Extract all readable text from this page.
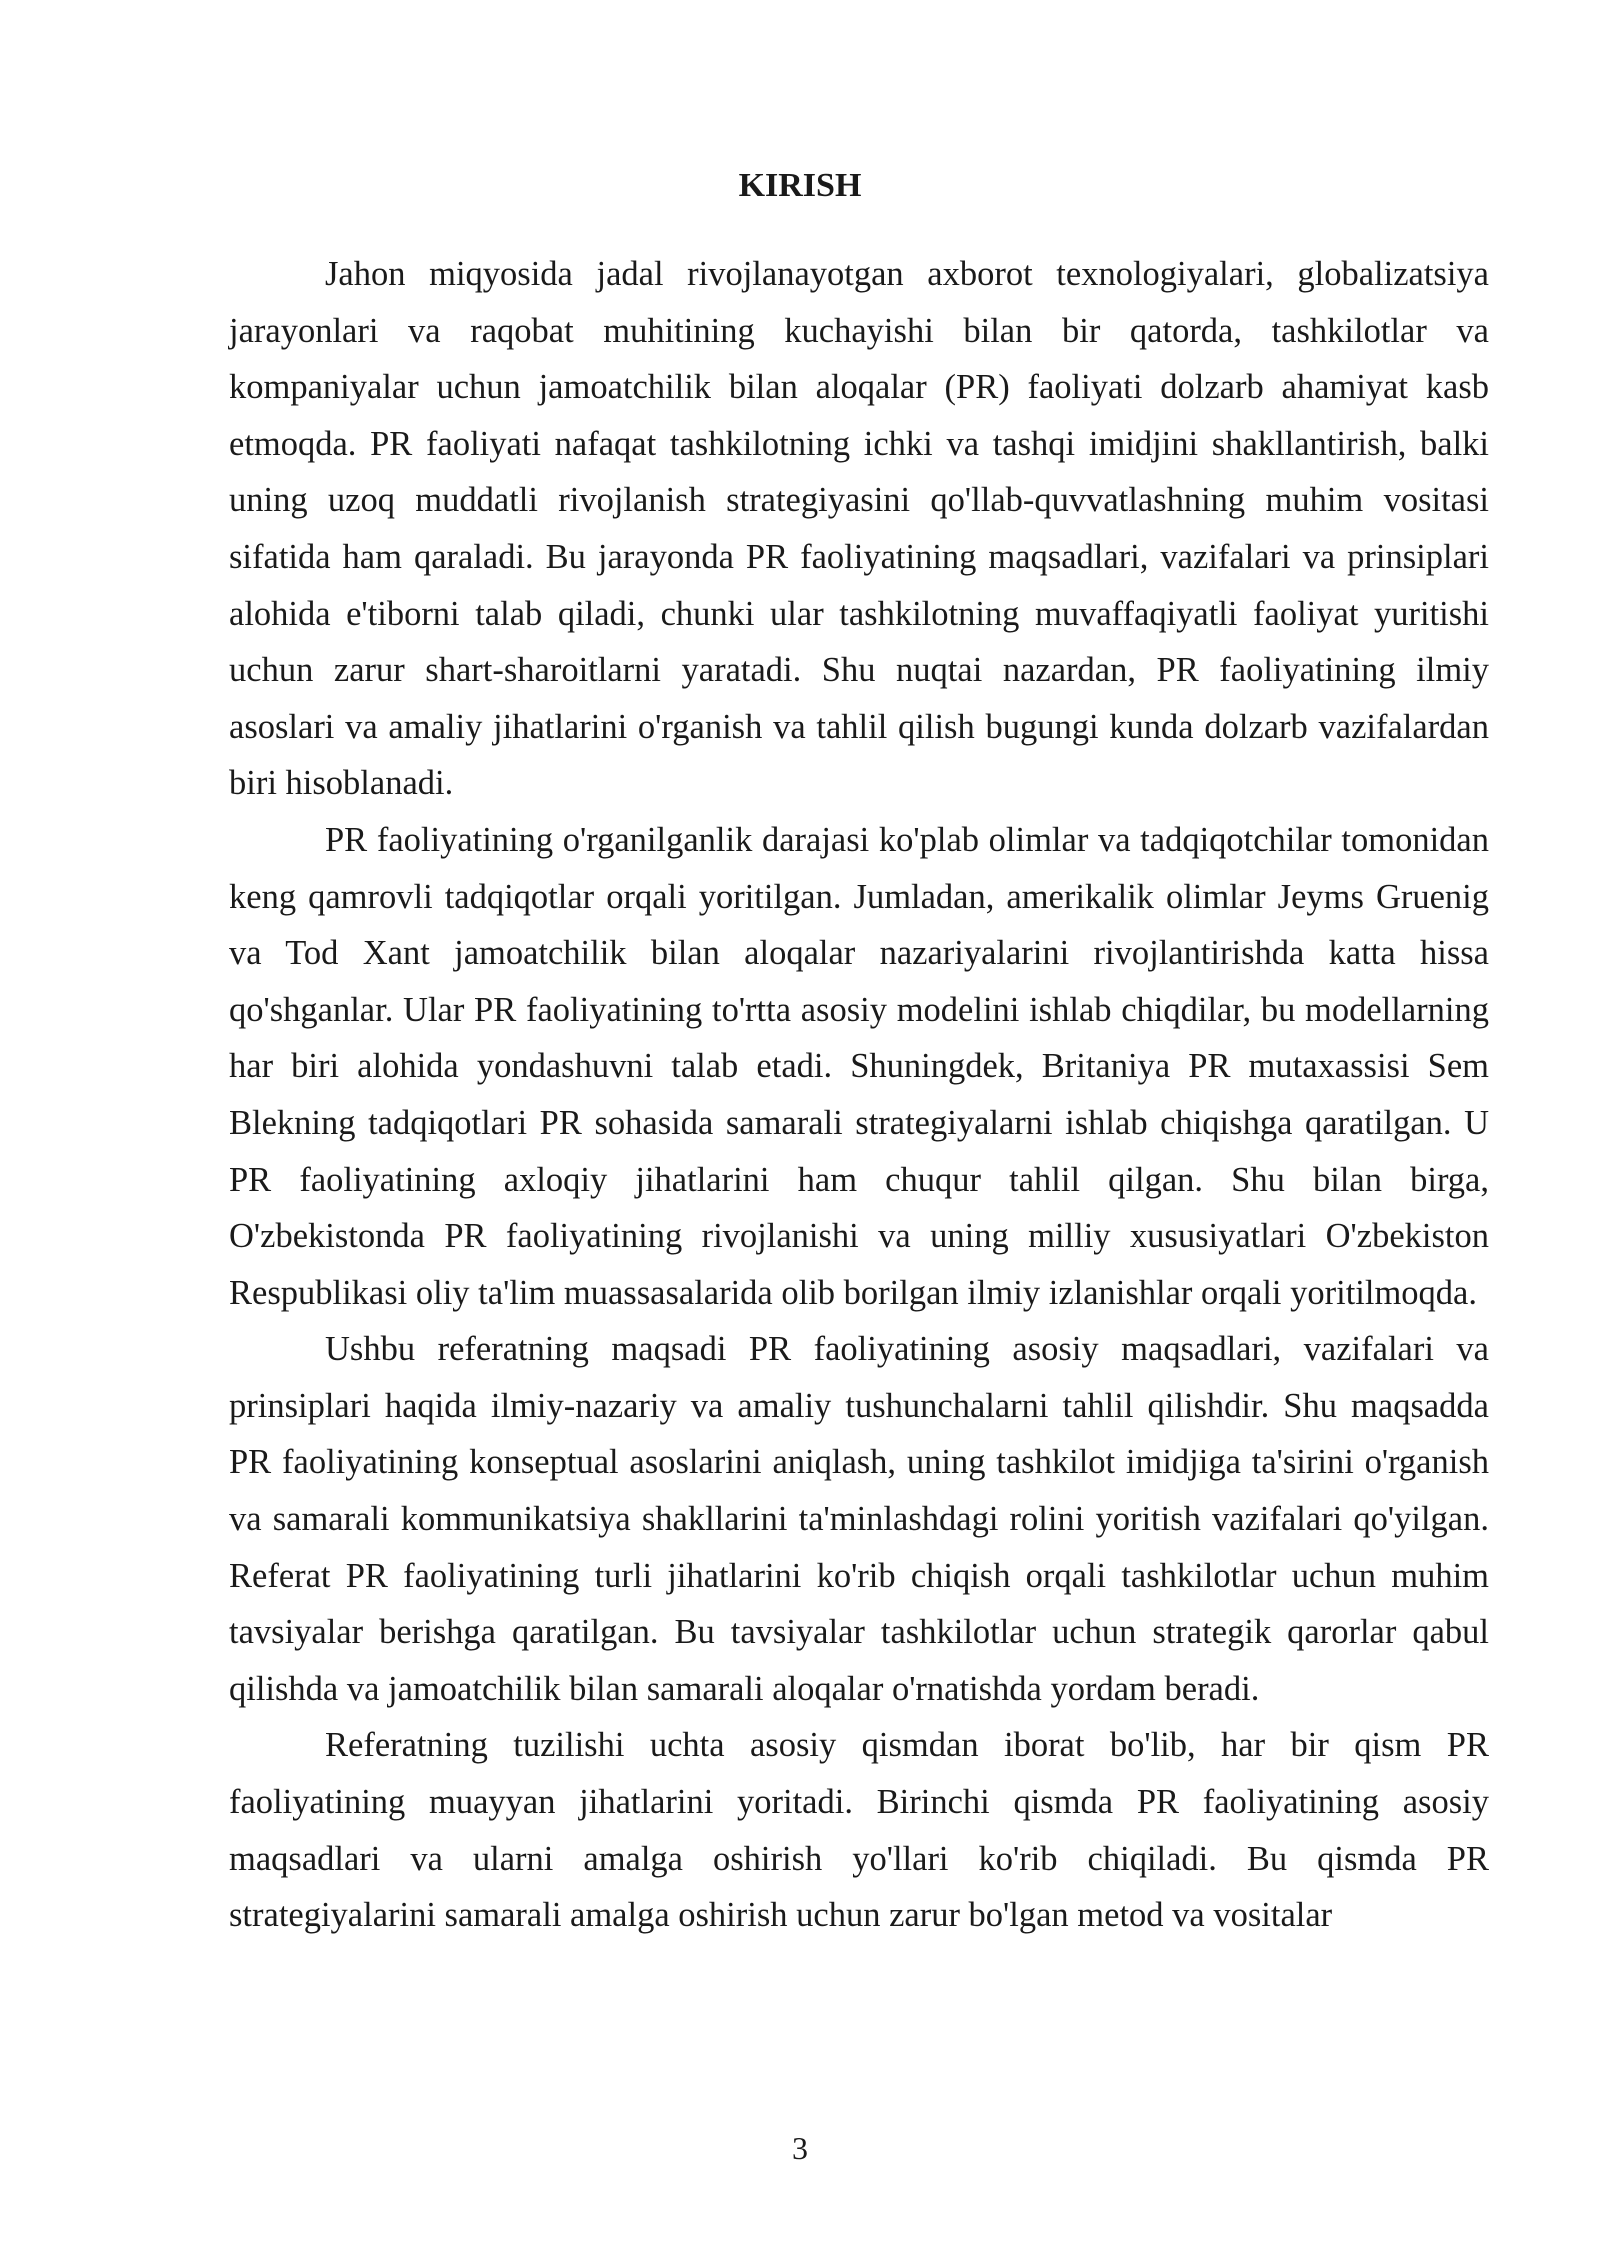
KIRISH

Jahon miqyosida jadal rivojlanayotgan axborot texnologiyalari, globalizatsiya jarayonlari va raqobat muhitining kuchayishi bilan bir qatorda, tashkilotlar va kompaniyalar uchun jamoatchilik bilan aloqalar (PR) faoliyati dolzarb ahamiyat kasb etmoqda. PR faoliyati nafaqat tashkilotning ichki va tashqi imidjini shakllantirish, balki uning uzoq muddatli rivojlanish strategiyasini qo'llab-quvvatlashning muhim vositasi sifatida ham qaraladi. Bu jarayonda PR faoliyatining maqsadlari, vazifalari va prinsiplari alohida e'tiborni talab qiladi, chunki ular tashkilotning muvaffaqiyatli faoliyat yuritishi uchun zarur shart-sharoitlarni yaratadi. Shu nuqtai nazardan, PR faoliyatining ilmiy asoslari va amaliy jihatlarini o'rganish va tahlil qilish bugungi kunda dolzarb vazifalardan biri hisoblanadi.

PR faoliyatining o'rganilganlik darajasi ko'plab olimlar va tadqiqotchilar tomonidan keng qamrovli tadqiqotlar orqali yoritilgan. Jumladan, amerikalik olimlar Jeyms Gruenig va Tod Xant jamoatchilik bilan aloqalar nazariyalarini rivojlantirishda katta hissa qo'shganlar. Ular PR faoliyatining to'rtta asosiy modelini ishlab chiqdilar, bu modellarning har biri alohida yondashuvni talab etadi. Shuningdek, Britaniya PR mutaxassisi Sem Blekning tadqiqotlari PR sohasida samarali strategiyalarni ishlab chiqishga qaratilgan. U PR faoliyatining axloqiy jihatlarini ham chuqur tahlil qilgan. Shu bilan birga, O'zbekistonda PR faoliyatining rivojlanishi va uning milliy xususiyatlari O'zbekiston Respublikasi oliy ta'lim muassasalarida olib borilgan ilmiy izlanishlar orqali yoritilmoqda.

Ushbu referatning maqsadi PR faoliyatining asosiy maqsadlari, vazifalari va prinsiplari haqida ilmiy-nazariy va amaliy tushunchalarni tahlil qilishdir. Shu maqsadda PR faoliyatining konseptual asoslarini aniqlash, uning tashkilot imidjiga ta'sirini o'rganish va samarali kommunikatsiya shakllarini ta'minlashdagi rolini yoritish vazifalari qo'yilgan. Referat PR faoliyatining turli jihatlarini ko'rib chiqish orqali tashkilotlar uchun muhim tavsiyalar berishga qaratilgan. Bu tavsiyalar tashkilotlar uchun strategik qarorlar qabul qilishda va jamoatchilik bilan samarali aloqalar o'rnatishda yordam beradi.

Referatning tuzilishi uchta asosiy qismdan iborat bo'lib, har bir qism PR faoliyatining muayyan jihatlarini yoritadi. Birinchi qismda PR faoliyatining asosiy maqsadlari va ularni amalga oshirish yo'llari ko'rib chiqiladi. Bu qismda PR strategiyalarini samarali amalga oshirish uchun zarur bo'lgan metod va vositalar

3
